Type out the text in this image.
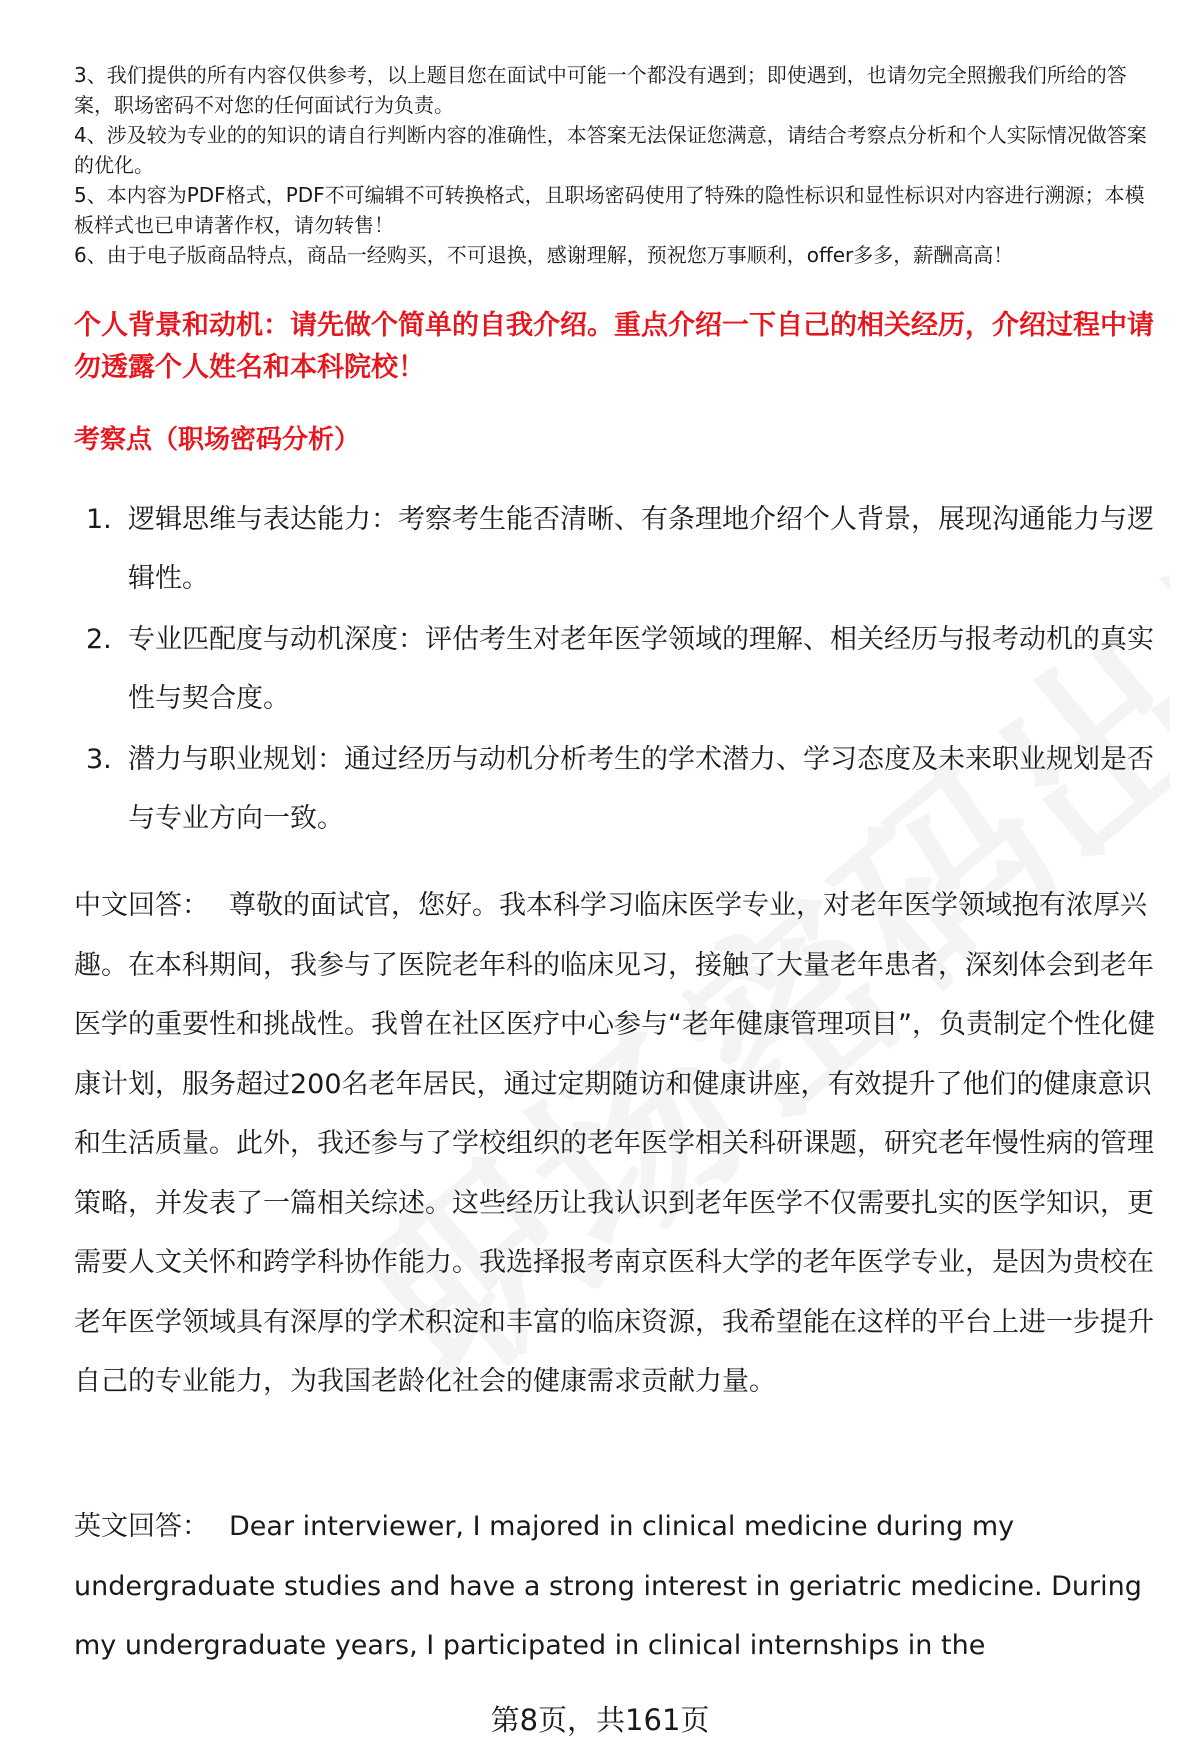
3、我们提供的所有内容仅供参考，以上题目您在面试中可能一个都没有遇到；即使遇到，也请勿完全照搬我们所给的答案，职场密码不对您的任何面试行为负责。

4、涉及较为专业的的知识的请自行判断内容的准确性，本答案无法保证您满意，请结合考察点分析和个人实际情况做答案的优化。

5、本内容为PDF格式，PDF不可编辑不可转换格式，且职场密码使用了特殊的隐性标识和显性标识对内容进行溯源；本模板样式也已申请著作权，请勿转售！

6、由于电子版商品特点，商品一经购买，不可退换，感谢理解，预祝您万事顺利，offer多多，薪酬高高！

个人背景和动机：请先做个简单的自我介绍。重点介绍一下自己的相关经历，介绍过程中请勿透露个人姓名和本科院校！
考察点（职场密码分析）
1. 逻辑思维与表达能力：考察考生能否清晰、有条理地介绍个人背景，展现沟通能力与逻辑性。
2. 专业匹配度与动机深度：评估考生对老年医学领域的理解、相关经历与报考动机的真实性与契合度。
3. 潜力与职业规划：通过经历与动机分析考生的学术潜力、学习态度及未来职业规划是否与专业方向一致。

中文回答： 尊敬的面试官，您好。我本科学习临床医学专业，对老年医学领域抱有浓厚兴趣。在本科期间，我参与了医院老年科的临床见习，接触了大量老年患者，深刻体会到老年医学的重要性和挑战性。我曾在社区医疗中心参与“老年健康管理项目”，负责制定个性化健康计划，服务超过200名老年居民，通过定期随访和健康讲座，有效提升了他们的健康意识和生活质量。此外，我还参与了学校组织的老年医学相关科研课题，研究老年慢性病的管理策略，并发表了一篇相关综述。这些经历让我认识到老年医学不仅需要扎实的医学知识，更需要人文关怀和跨学科协作能力。我选择报考南京医科大学的老年医学专业，是因为贵校在老年医学领域具有深厚的学术积淀和丰富的临床资源，我希望能在这样的平台上进一步提升自己的专业能力，为我国老龄化社会的健康需求贡献力量。

英文回答： Dear interviewer, I majored in clinical medicine during my undergraduate studies and have a strong interest in geriatric medicine. During my undergraduate years, I participated in clinical internships in the

第8页，共161页
